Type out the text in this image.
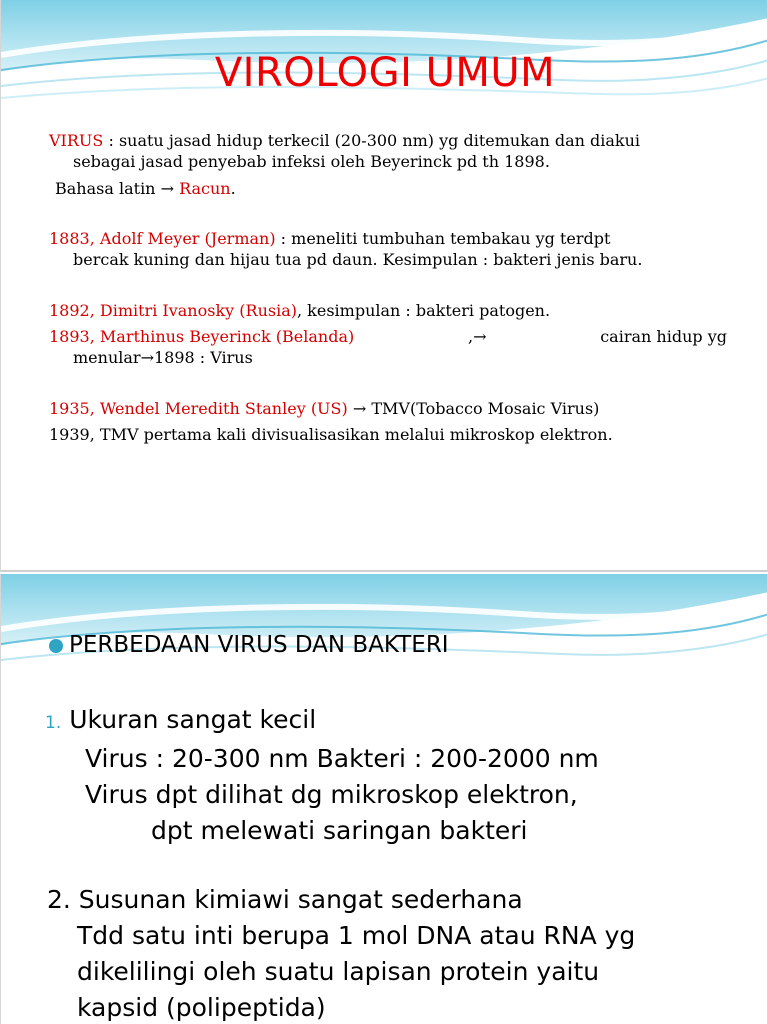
VIROLOGI UMUM
VIRUS : suatu jasad hidup terkecil (20-300 nm) yg ditemukan dan diakui
sebagai jasad penyebab infeksi oleh Beyerinck pd th 1898.
Bahasa latin → Racun.
1883, Adolf Meyer (Jerman) : meneliti tumbuhan tembakau yg terdpt
bercak kuning dan hijau tua pd daun. Kesimpulan : bakteri jenis baru.
1892, Dimitri Ivanosky (Rusia), kesimpulan : bakteri patogen.
1893, Marthinus Beyerinck (Belanda)	,→	cairan hidup yg
menular→1898 : Virus
1935, Wendel Meredith Stanley (US) → TMV(Tobacco Mosaic Virus)
1939, TMV pertama kali divisualisasikan melalui mikroskop elektron.
PERBEDAAN VIRUS DAN BAKTERI
1. Ukuran sangat kecil
Virus : 20-300 nm Bakteri : 200-2000 nm
Virus dpt dilihat dg mikroskop elektron,
dpt melewati saringan bakteri
2. Susunan kimiawi sangat sederhana
Tdd satu inti berupa 1 mol DNA atau RNA yg
dikelilingi oleh suatu lapisan protein yaitu
kapsid (polipeptida)
